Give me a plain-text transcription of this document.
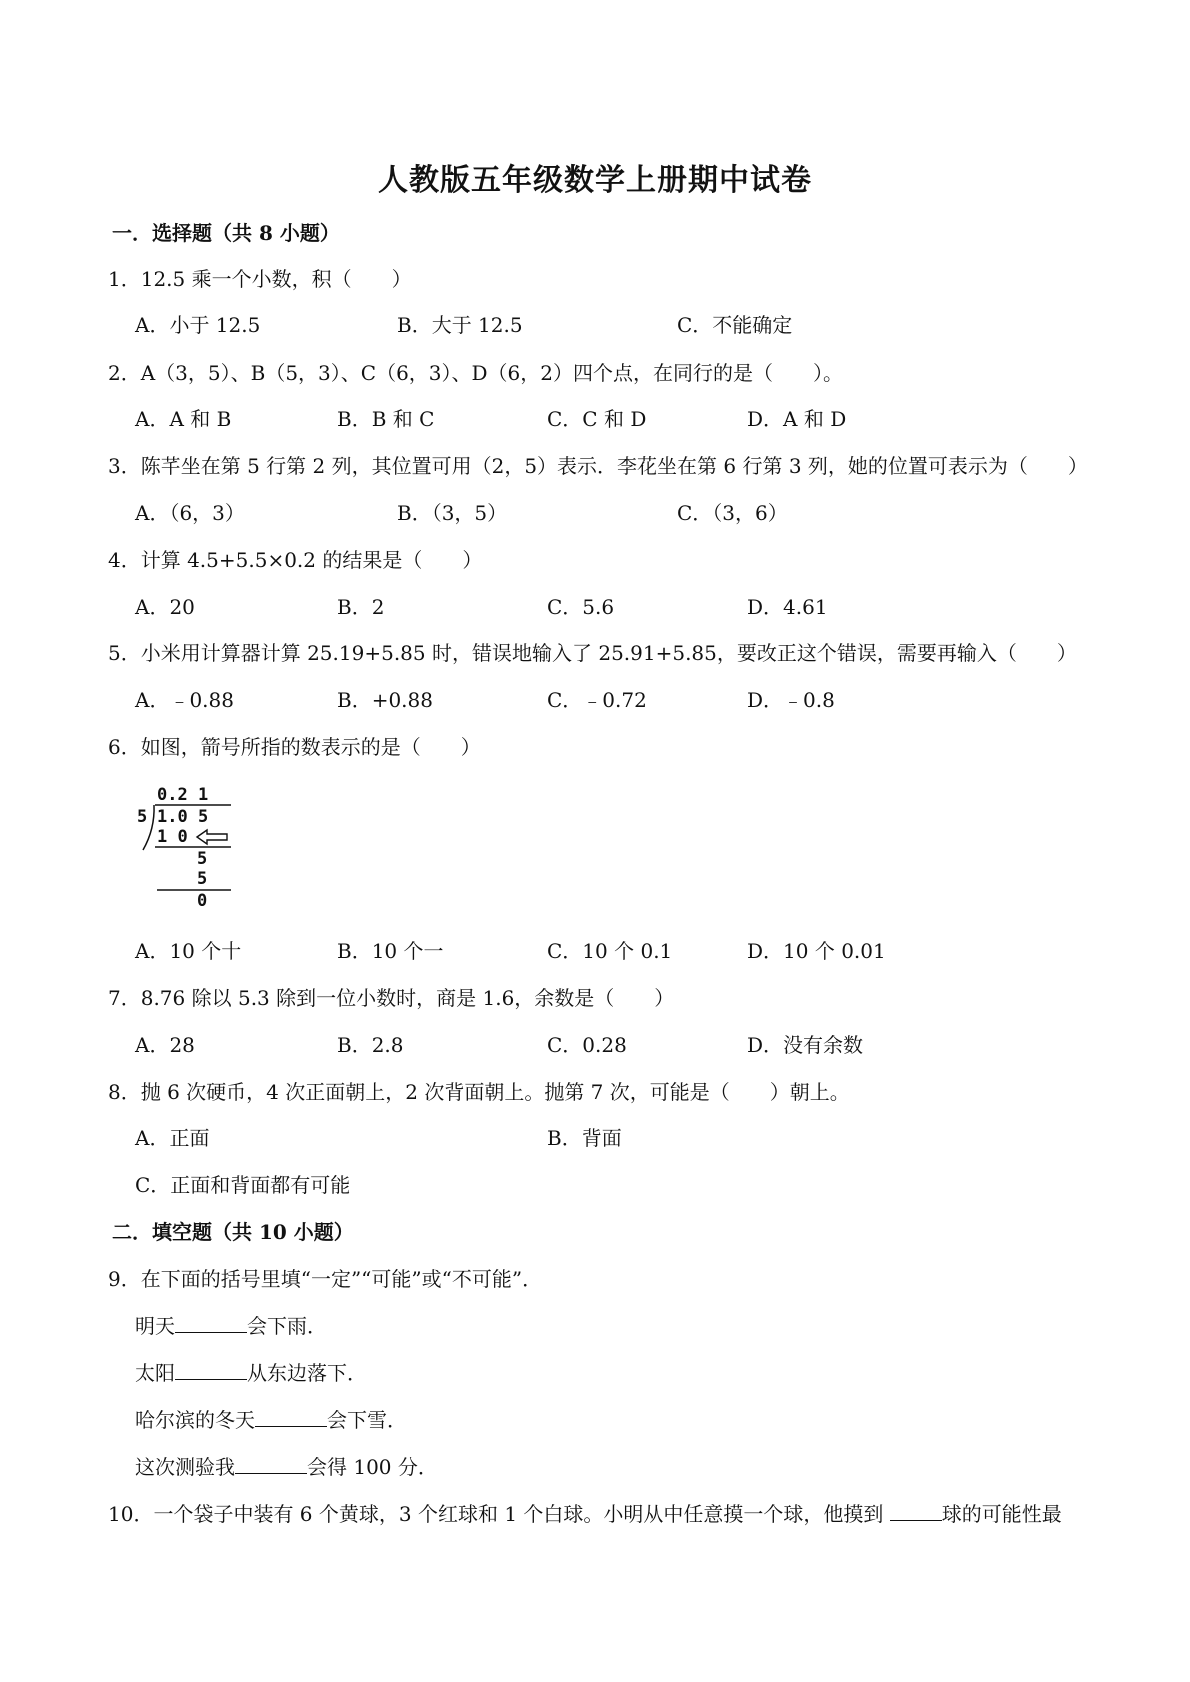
人教版五年级数学上册期中试卷
一．选择题（共 8 小题）
1．12.5 乘一个小数，积（　　）
A．小于 12.5	B．大于 12.5	C．不能确定
2．A（3，5）、B（5，3）、C（6，3）、D（6，2）四个点，在同行的是（　　）。
A．A 和 B	B．B 和 C	C．C 和 D	D．A 和 D
3．陈芊坐在第 5 行第 2 列，其位置可用（2，5）表示．李花坐在第 6 行第 3 列，她的位置可表示为（　　）
A．（6，3）	B．（3，5）	C．（3，6）
4．计算 4.5+5.5×0.2 的结果是（　　）
A．20	B．2	C．5.6	D．4.61
5．小米用计算器计算 25.19+5.85 时，错误地输入了 25.91+5.85，要改正这个错误，需要再输入（　　）
A．﹣0.88	B．+0.88	C．﹣0.72	D．﹣0.8
6．如图，箭号所指的数表示的是（　　）
0.2 1
5 1.0 5
1 0
5
5
0
A．10 个十	B．10 个一	C．10 个 0.1	D．10 个 0.01
7．8.76 除以 5.3 除到一位小数时，商是 1.6，余数是（　　）
A．28	B．2.8	C．0.28	D．没有余数
8．抛 6 次硬币，4 次正面朝上，2 次背面朝上。抛第 7 次，可能是（　　）朝上。
A．正面	B．背面
C．正面和背面都有可能
二．填空题（共 10 小题）
9．在下面的括号里填“一定”“可能”或“不可能”．
明天	会下雨．
太阳	从东边落下．
哈尔滨的冬天	会下雪．
这次测验我	会得 100 分．
10．一个袋子中装有 6 个黄球，3 个红球和 1 个白球。小明从中任意摸一个球，他摸到	球的可能性最
